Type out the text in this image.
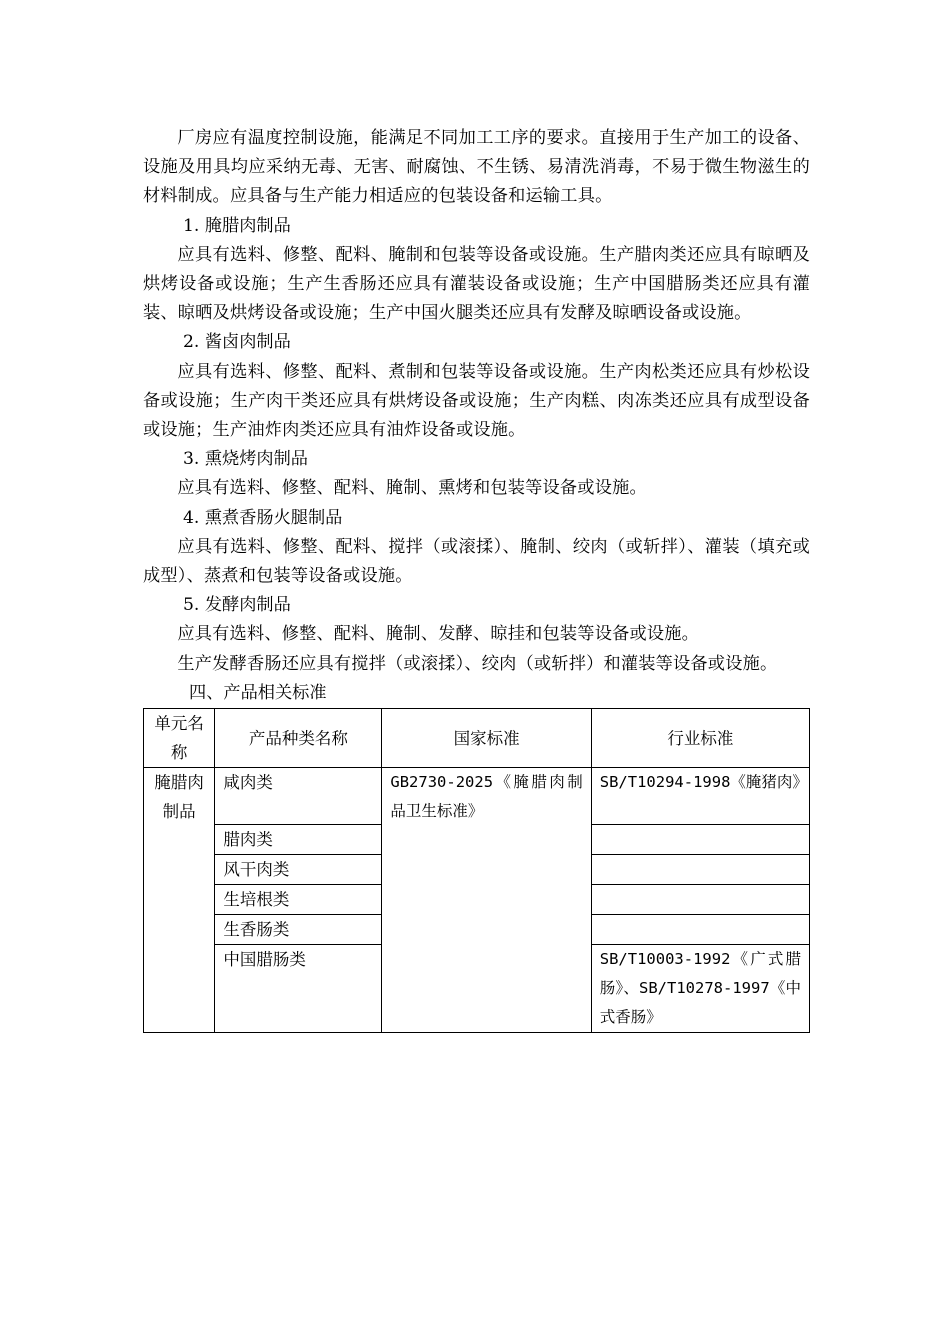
厂房应有温度控制设施，能满足不同加工工序的要求。直接用于生产加工的设备、设施及用具均应采纳无毒、无害、耐腐蚀、不生锈、易清洗消毒，不易于微生物滋生的材料制成。应具备与生产能力相适应的包装设备和运输工具。

1. 腌腊肉制品

应具有选料、修整、配料、腌制和包装等设备或设施。生产腊肉类还应具有晾晒及烘烤设备或设施；生产生香肠还应具有灌装设备或设施；生产中国腊肠类还应具有灌装、晾晒及烘烤设备或设施；生产中国火腿类还应具有发酵及晾晒设备或设施。

2. 酱卤肉制品

应具有选料、修整、配料、煮制和包装等设备或设施。生产肉松类还应具有炒松设备或设施；生产肉干类还应具有烘烤设备或设施；生产肉糕、肉冻类还应具有成型设备或设施；生产油炸肉类还应具有油炸设备或设施。

3. 熏烧烤肉制品

应具有选料、修整、配料、腌制、熏烤和包装等设备或设施。

4. 熏煮香肠火腿制品

应具有选料、修整、配料、搅拌（或滚揉）、腌制、绞肉（或斩拌）、灌装（填充或成型）、蒸煮和包装等设备或设施。

5. 发酵肉制品

应具有选料、修整、配料、腌制、发酵、晾挂和包装等设备或设施。

生产发酵香肠还应具有搅拌（或滚揉）、绞肉（或斩拌）和灌装等设备或设施。

四、产品相关标准

单元名称	产品种类名称	国家标准	行业标准
腌腊肉制品	咸肉类	GB2730-2025《腌腊肉制品卫生标准》	SB/T10294-1998《腌猪肉》
	腊肉类		
	风干肉类		
	生培根类		
	生香肠类		
	中国腊肠类		SB/T10003-1992《广式腊肠》、SB/T10278-1997《中式香肠》
